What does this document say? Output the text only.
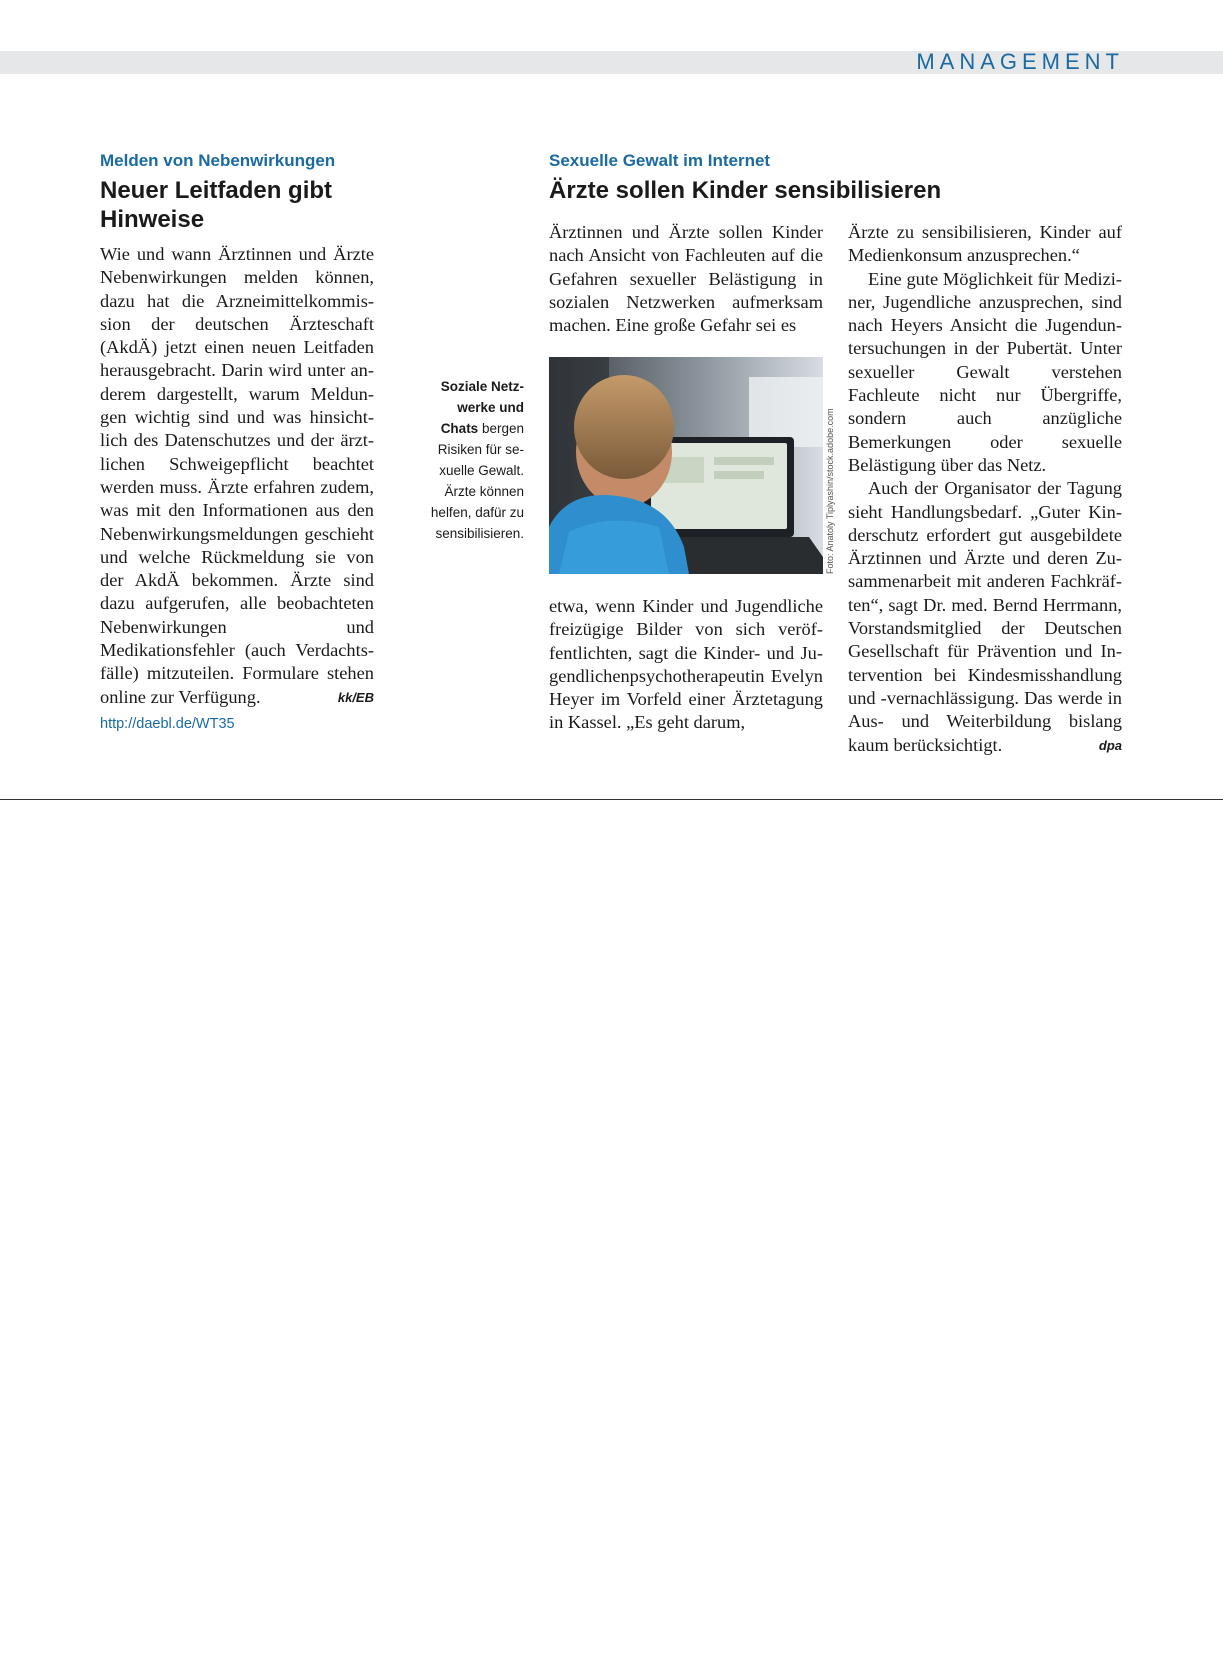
MANAGEMENT
Melden von Nebenwirkungen
Neuer Leitfaden gibt
Hinweise

Wie und wann Ärztinnen und Ärzte Nebenwirkungen melden können, dazu hat die Arzneimittelkommission der deutschen Ärzteschaft (AkdÄ) jetzt einen neuen Leitfaden herausgebracht. Darin wird unter anderem dargestellt, warum Meldungen wichtig sind und was hinsichtlich des Datenschutzes und der ärztlichen Schweigepflicht beachtet werden muss. Ärzte erfahren zudem, was mit den Informationen aus den Nebenwirkungsmeldungen geschieht und welche Rückmeldung sie von der AkdÄ bekommen. Ärzte sind dazu aufgerufen, alle beobachteten Nebenwirkungen und Medikationsfehler (auch Verdachtsfälle) mitzuteilen. Formulare stehen online zur Verfügung.	kk/EB
http://daebl.de/WT35
Soziale Netzwerke und Chats bergen Risiken für sexuelle Gewalt. Ärzte können helfen, dafür zu sensibilisieren.
Sexuelle Gewalt im Internet
Ärzte sollen Kinder sensibilisieren

Ärztinnen und Ärzte sollen Kinder nach Ansicht von Fachleuten auf die Gefahren sexueller Belästigung in sozialen Netzwerken aufmerksam machen. Eine große Gefahr sei es

Foto: Anatoly Tiplyashin/stock.adobe.com

etwa, wenn Kinder und Jugendliche freizügige Bilder von sich veröffentlichten, sagt die Kinder- und Jugendlichenpsychotherapeutin Evelyn Heyer im Vorfeld einer Ärztetagung in Kassel. „Es geht darum,

Ärzte zu sensibilisieren, Kinder auf Medienkonsum anzusprechen.“

Eine gute Möglichkeit für Mediziner, Jugendliche anzusprechen, sind nach Heyers Ansicht die Jugenduntersuchungen in der Pubertät. Unter sexueller Gewalt verstehen Fachleute nicht nur Übergriffe, sondern auch anzügliche Bemerkungen oder sexuelle Belästigung über das Netz.

Auch der Organisator der Tagung sieht Handlungsbedarf. „Guter Kinderschutz erfordert gut ausgebildete Ärztinnen und Ärzte und deren Zusammenarbeit mit anderen Fachkräften“, sagt Dr. med. Bernd Herrmann, Vorstandsmitglied der Deutschen Gesellschaft für Prävention und Intervention bei Kindesmisshandlung und -vernachlässigung. Das werde in Aus- und Weiterbildung bislang kaum berücksichtigt.	dpa
